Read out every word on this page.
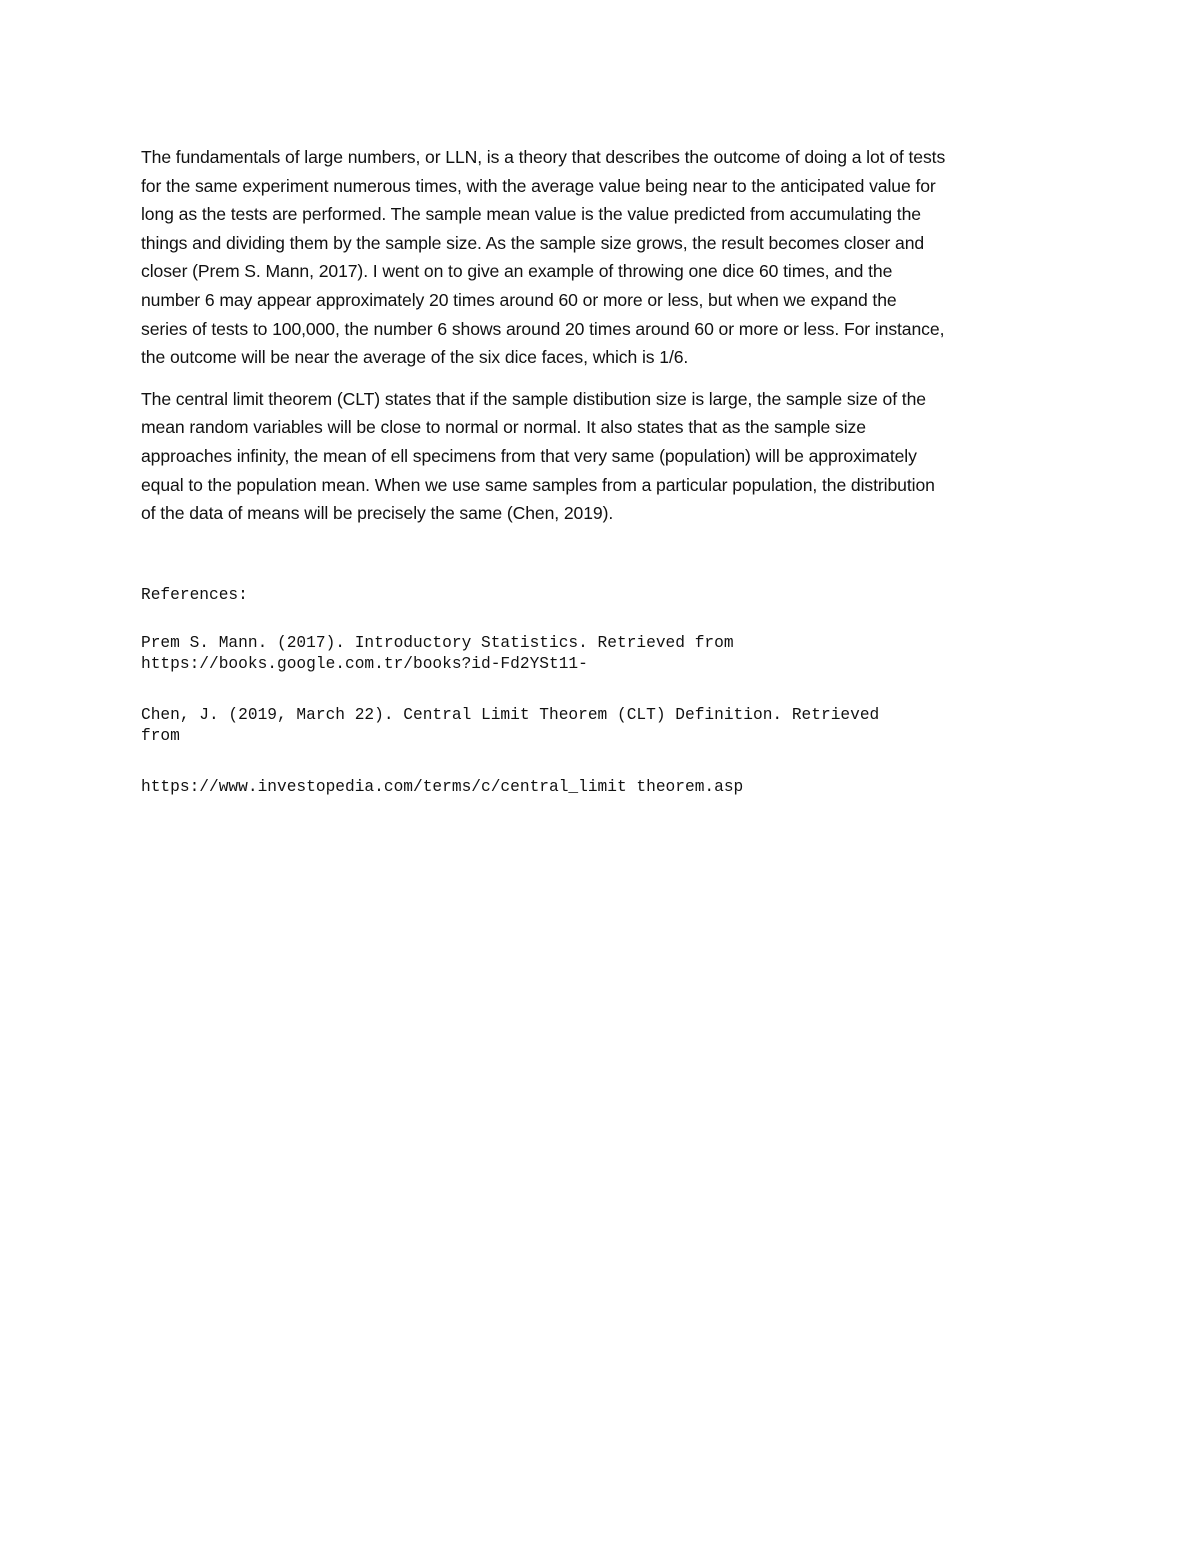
The fundamentals of large numbers, or LLN, is a theory that describes the outcome of doing a lot of tests
for the same experiment numerous times, with the average value being near to the anticipated value for
long as the tests are performed. The sample mean value is the value predicted from accumulating the
things and dividing them by the sample size. As the sample size grows, the result becomes closer and
closer (Prem S. Mann, 2017). I went on to give an example of throwing one dice 60 times, and the
number 6 may appear approximately 20 times around 60 or more or less, but when we expand the
series of tests to 100,000, the number 6 shows around 20 times around 60 or more or less. For instance,
the outcome will be near the average of the six dice faces, which is 1/6.

The central limit theorem (CLT) states that if the sample distibution size is large, the sample size of the
mean random variables will be close to normal or normal. It also states that as the sample size
approaches infinity, the mean of ell specimens from that very same (population) will be approximately
equal to the population mean. When we use same samples from a particular population, the distribution
of the data of means will be precisely the same (Chen, 2019).

References:
Prem S. Mann. (2017). Introductory Statistics. Retrieved from
https://books.google.com.tr/books?id-Fd2YSt11-
Chen, J. (2019, March 22). Central Limit Theorem (CLT) Definition. Retrieved
from
https://www.investopedia.com/terms/c/central_limit theorem.asp
